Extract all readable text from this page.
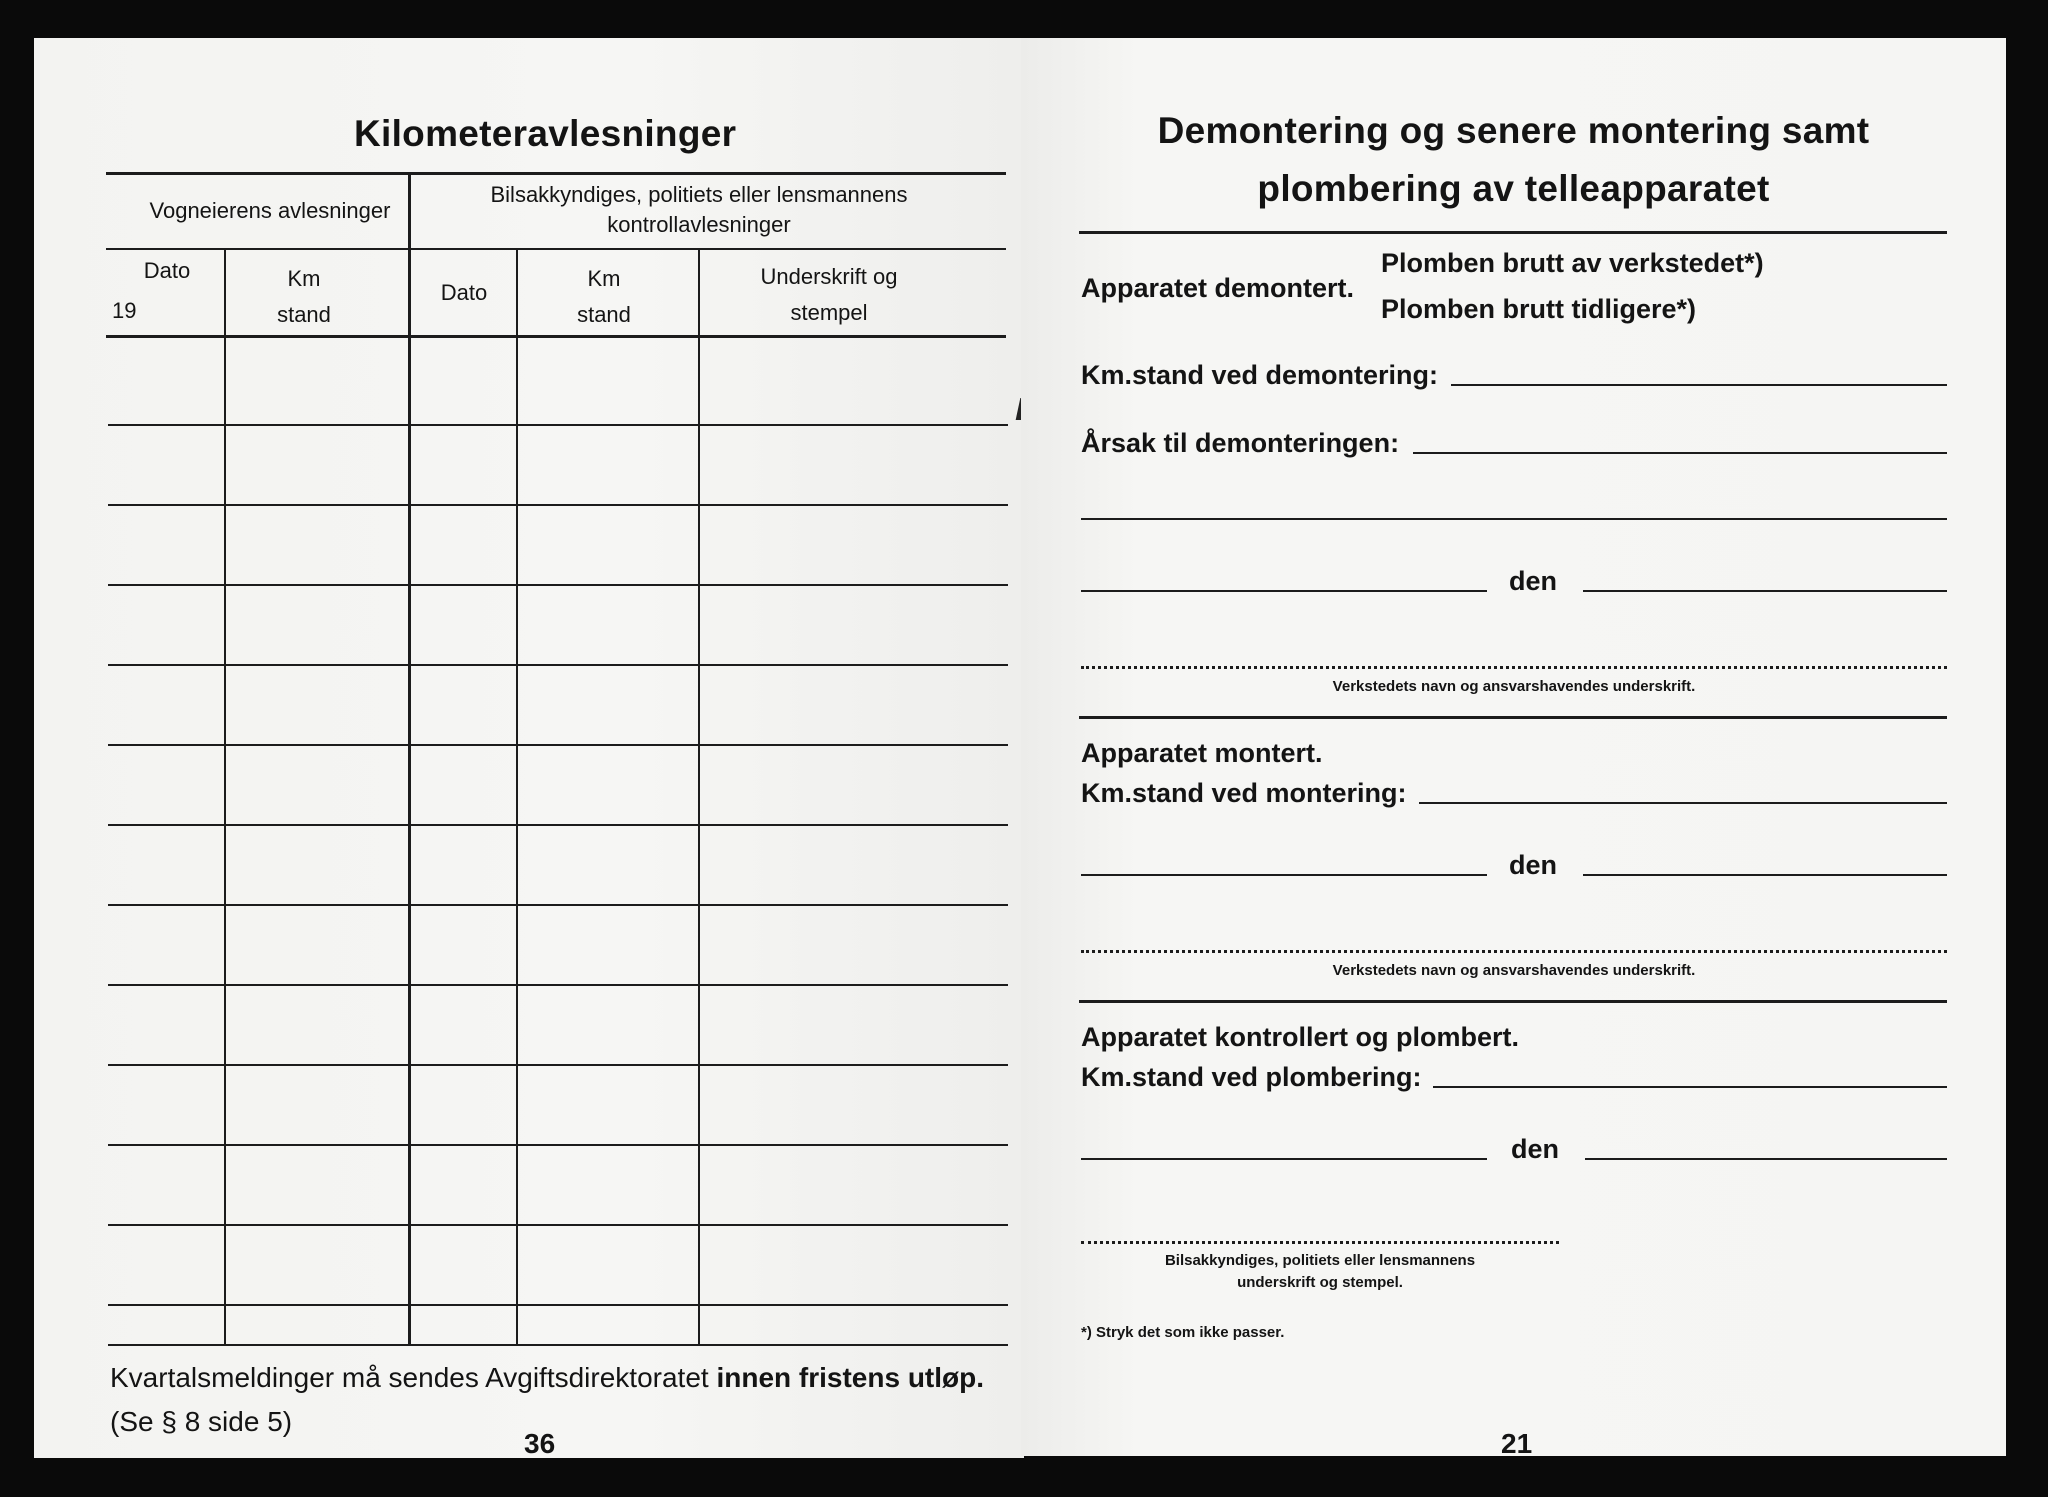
Kilometeravlesninger
Vogneierens avlesninger
Bilsakkyndiges, politiets eller lensmannens kontrollavlesninger
Dato
19
Km
stand
Dato
Km
stand
Underskrift og
stempel
Kvartalsmeldinger må sendes Avgiftsdirektoratet innen fristens utløp.
(Se § 8 side 5)
36
Demontering og senere montering samt
plombering av telleapparatet
Apparatet demontert.
Plomben brutt av verkstedet*)
Plomben brutt tidligere*)
Km.stand ved demontering:
Årsak til demonteringen:
den
Verkstedets navn og ansvarshavendes underskrift.
Apparatet montert.
Km.stand ved montering:
den
Verkstedets navn og ansvarshavendes underskrift.
Apparatet kontrollert og plombert.
Km.stand ved plombering:
den
Bilsakkyndiges, politiets eller lensmannens
underskrift og stempel.
*) Stryk det som ikke passer.
21
